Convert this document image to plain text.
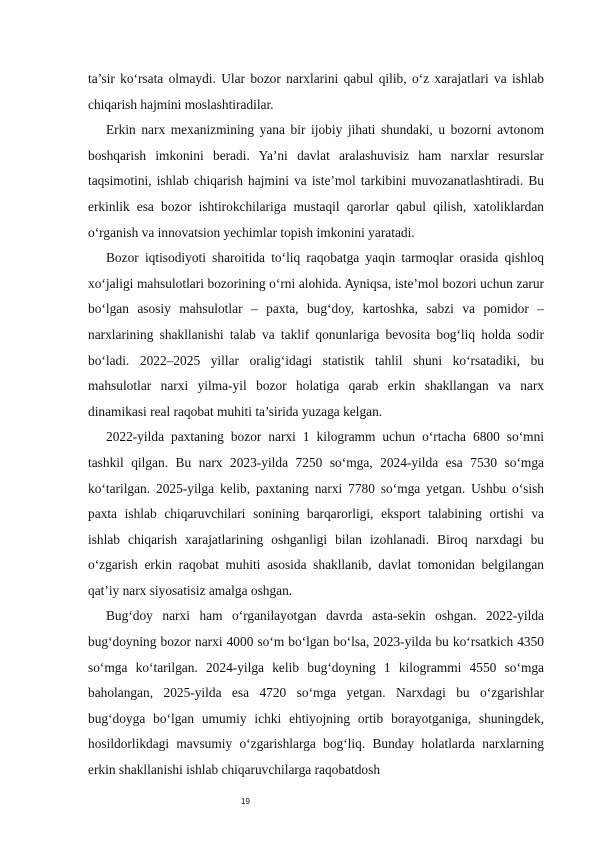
ta’sir ko‘rsata olmaydi. Ular bozor narxlarini qabul qilib, o‘z xarajatlari va ishlab chiqarish hajmini moslashtiradilar.

Erkin narx mexanizmining yana bir ijobiy jihati shundaki, u bozorni avtonom boshqarish imkonini beradi. Ya’ni davlat aralashuvisiz ham narxlar resurslar taqsimotini, ishlab chiqarish hajmini va iste’mol tarkibini muvozanatlashtiradi. Bu erkinlik esa bozor ishtirokchilariga mustaqil qarorlar qabul qilish, xatoliklardan o‘rganish va innovatsion yechimlar topish imkonini yaratadi.

Bozor iqtisodiyoti sharoitida to‘liq raqobatga yaqin tarmoqlar orasida qishloq xo‘jaligi mahsulotlari bozorining o‘rni alohida. Ayniqsa, iste’mol bozori uchun zarur bo‘lgan asosiy mahsulotlar – paxta, bug‘doy, kartoshka, sabzi va pomidor – narxlarining shakllanishi talab va taklif qonunlariga bevosita bog‘liq holda sodir bo‘ladi. 2022–2025 yillar oralig‘idagi statistik tahlil shuni ko‘rsatadiki, bu mahsulotlar narxi yilma-yil bozor holatiga qarab erkin shakllangan va narx dinamikasi real raqobat muhiti ta’sirida yuzaga kelgan.

2022-yilda paxtaning bozor narxi 1 kilogramm uchun o‘rtacha 6800 so‘mni tashkil qilgan. Bu narx 2023-yilda 7250 so‘mga, 2024-yilda esa 7530 so‘mga ko‘tarilgan. 2025-yilga kelib, paxtaning narxi 7780 so‘mga yetgan. Ushbu o‘sish paxta ishlab chiqaruvchilari sonining barqarorligi, eksport talabining ortishi va ishlab chiqarish xarajatlarining oshganligi bilan izohlanadi. Biroq narxdagi bu o‘zgarish erkin raqobat muhiti asosida shakllanib, davlat tomonidan belgilangan qat’iy narx siyosatisiz amalga oshgan.

Bug‘doy narxi ham o‘rganilayotgan davrda asta-sekin oshgan. 2022-yilda bug‘doyning bozor narxi 4000 so‘m bo‘lgan bo‘lsa, 2023-yilda bu ko‘rsatkich 4350 so‘mga ko‘tarilgan. 2024-yilga kelib bug‘doyning 1 kilogrammi 4550 so‘mga baholangan, 2025-yilda esa 4720 so‘mga yetgan. Narxdagi bu o‘zgarishlar bug‘doyga bo‘lgan umumiy ichki ehtiyojning ortib borayotganiga, shuningdek, hosildorlikdagi mavsumiy o‘zgarishlarga bog‘liq. Bunday holatlarda narxlarning erkin shakllanishi ishlab chiqaruvchilarga raqobatdosh

19
